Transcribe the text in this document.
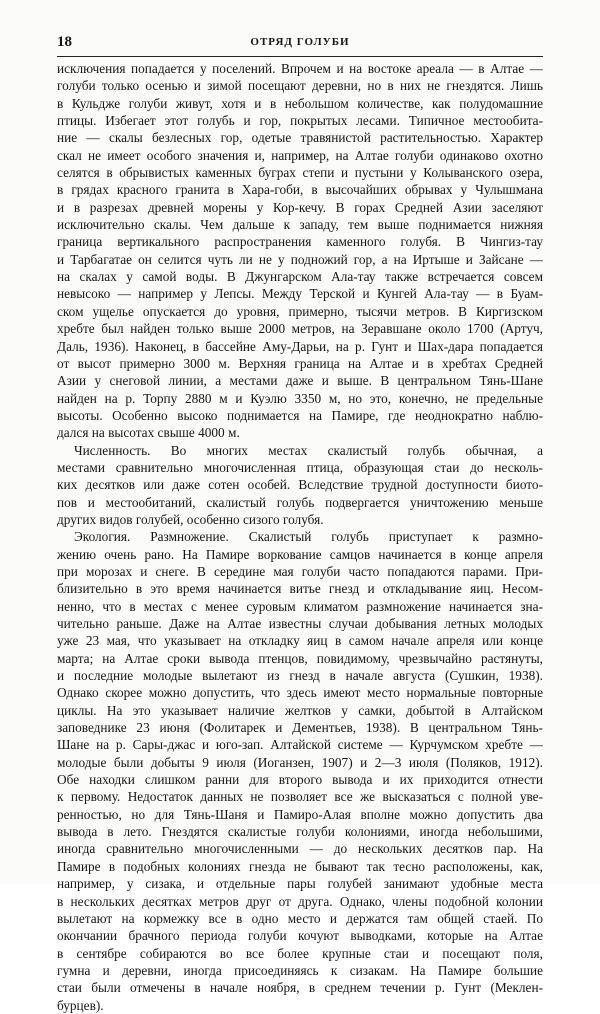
18	ОТРЯД ГОЛУБИ
исключения попадается у поселений. Впрочем и на востоке ареала — в Алтае —
голуби только осенью и зимой посещают деревни, но в них не гнездятся. Лишь
в Кульдже голуби живут, хотя и в небольшом количестве, как полудомашние
птицы. Избегает этот голубь и гор, покрытых лесами. Типичное местообита-
ние — скалы безлесных гор, одетые травянистой растительностью. Характер
скал не имеет особого значения и, например, на Алтае голуби одинаково охотно
селятся в обрывистых каменных буграх степи и пустыни у Колыванского озера,
в грядах красного гранита в Хара-гоби, в высочайших обрывах у Чулышмана
и в разрезах древней морены у Кор-кечу. В горах Средней Азии заселяют
исключительно скалы. Чем дальше к западу, тем выше поднимается нижняя
граница вертикального распространения каменного голубя. В Чингиз-тау
и Тарбагатае он селится чуть ли не у подножий гор, а на Иртыше и Зайсане —
на скалах у самой воды. В Джунгарском Ала-тау также встречается совсем
невысоко — например у Лепсы. Между Терской и Кунгей Ала-тау — в Буам-
ском ущелье опускается до уровня, примерно, тысячи метров. В Киргизском
хребте был найден только выше 2000 метров, на Зеравшане около 1700 (Артуч,
Даль, 1936). Наконец, в бассейне Аму-Дарьи, на р. Гунт и Шах-дара попадается
от высот примерно 3000 м. Верхняя граница на Алтае и в хребтах Средней
Азии у снеговой линии, а местами даже и выше. В центральном Тянь-Шане
найден на р. Торпу 2880 м и Куэлю 3350 м, но это, конечно, не предельные
высоты. Особенно высоко поднимается на Памире, где неоднократно наблю-
дался на высотах свыше 4000 м.
Численность. Во многих местах скалистый голубь обычная, а
местами сравнительно многочисленная птица, образующая стаи до несколь-
ких десятков или даже сотен особей. Вследствие трудной доступности биото-
пов и местообитаний, скалистый голубь подвергается уничтожению меньше
других видов голубей, особенно сизого голубя.
Экология. Размножение. Скалистый голубь приступает к размно-
жению очень рано. На Памире воркование самцов начинается в конце апреля
при морозах и снеге. В середине мая голуби часто попадаются парами. При-
близительно в это время начинается витье гнезд и откладывание яиц. Несом-
ненно, что в местах с менее суровым климатом размножение начинается зна-
чительно раньше. Даже на Алтае известны случаи добывания летных молодых
уже 23 мая, что указывает на откладку яиц в самом начале апреля или конце
марта; на Алтае сроки вывода птенцов, повидимому, чрезвычайно растянуты,
и последние молодые вылетают из гнезд в начале августа (Сушкин, 1938).
Однако скорее можно допустить, что здесь имеют место нормальные повторные
циклы. На это указывает наличие желтков у самки, добытой в Алтайском
заповеднике 23 июня (Фолитарек и Дементьев, 1938). В центральном Тянь-
Шане на р. Сары-джас и юго-зап. Алтайской системе — Курчумском хребте —
молодые были добыты 9 июля (Иоганзен, 1907) и 2—3 июля (Поляков, 1912).
Обе находки слишком ранни для второго вывода и их приходится отнести
к первому. Недостаток данных не позволяет все же высказаться с полной уве-
ренностью, но для Тянь-Шаня и Памиро-Алая вполне можно допустить два
вывода в лето. Гнездятся скалистые голуби колониями, иногда небольшими,
иногда сравнительно многочисленными — до нескольких десятков пар. На
Памире в подобных колониях гнезда не бывают так тесно расположены, как,
например, у сизака, и отдельные пары голубей занимают удобные места
в нескольких десятках метров друг от друга. Однако, члены подобной колонии
вылетают на кормежку все в одно место и держатся там общей стаей. По
окончании брачного периода голуби кочуют выводками, которые на Алтае
в сентябре собираются во все более крупные стаи и посещают поля,
гумна и деревни, иногда присоединяясь к сизакам. На Памире большие
стаи были отмечены в начале ноября, в среднем течении р. Гунт (Меклен-
бурцев).
